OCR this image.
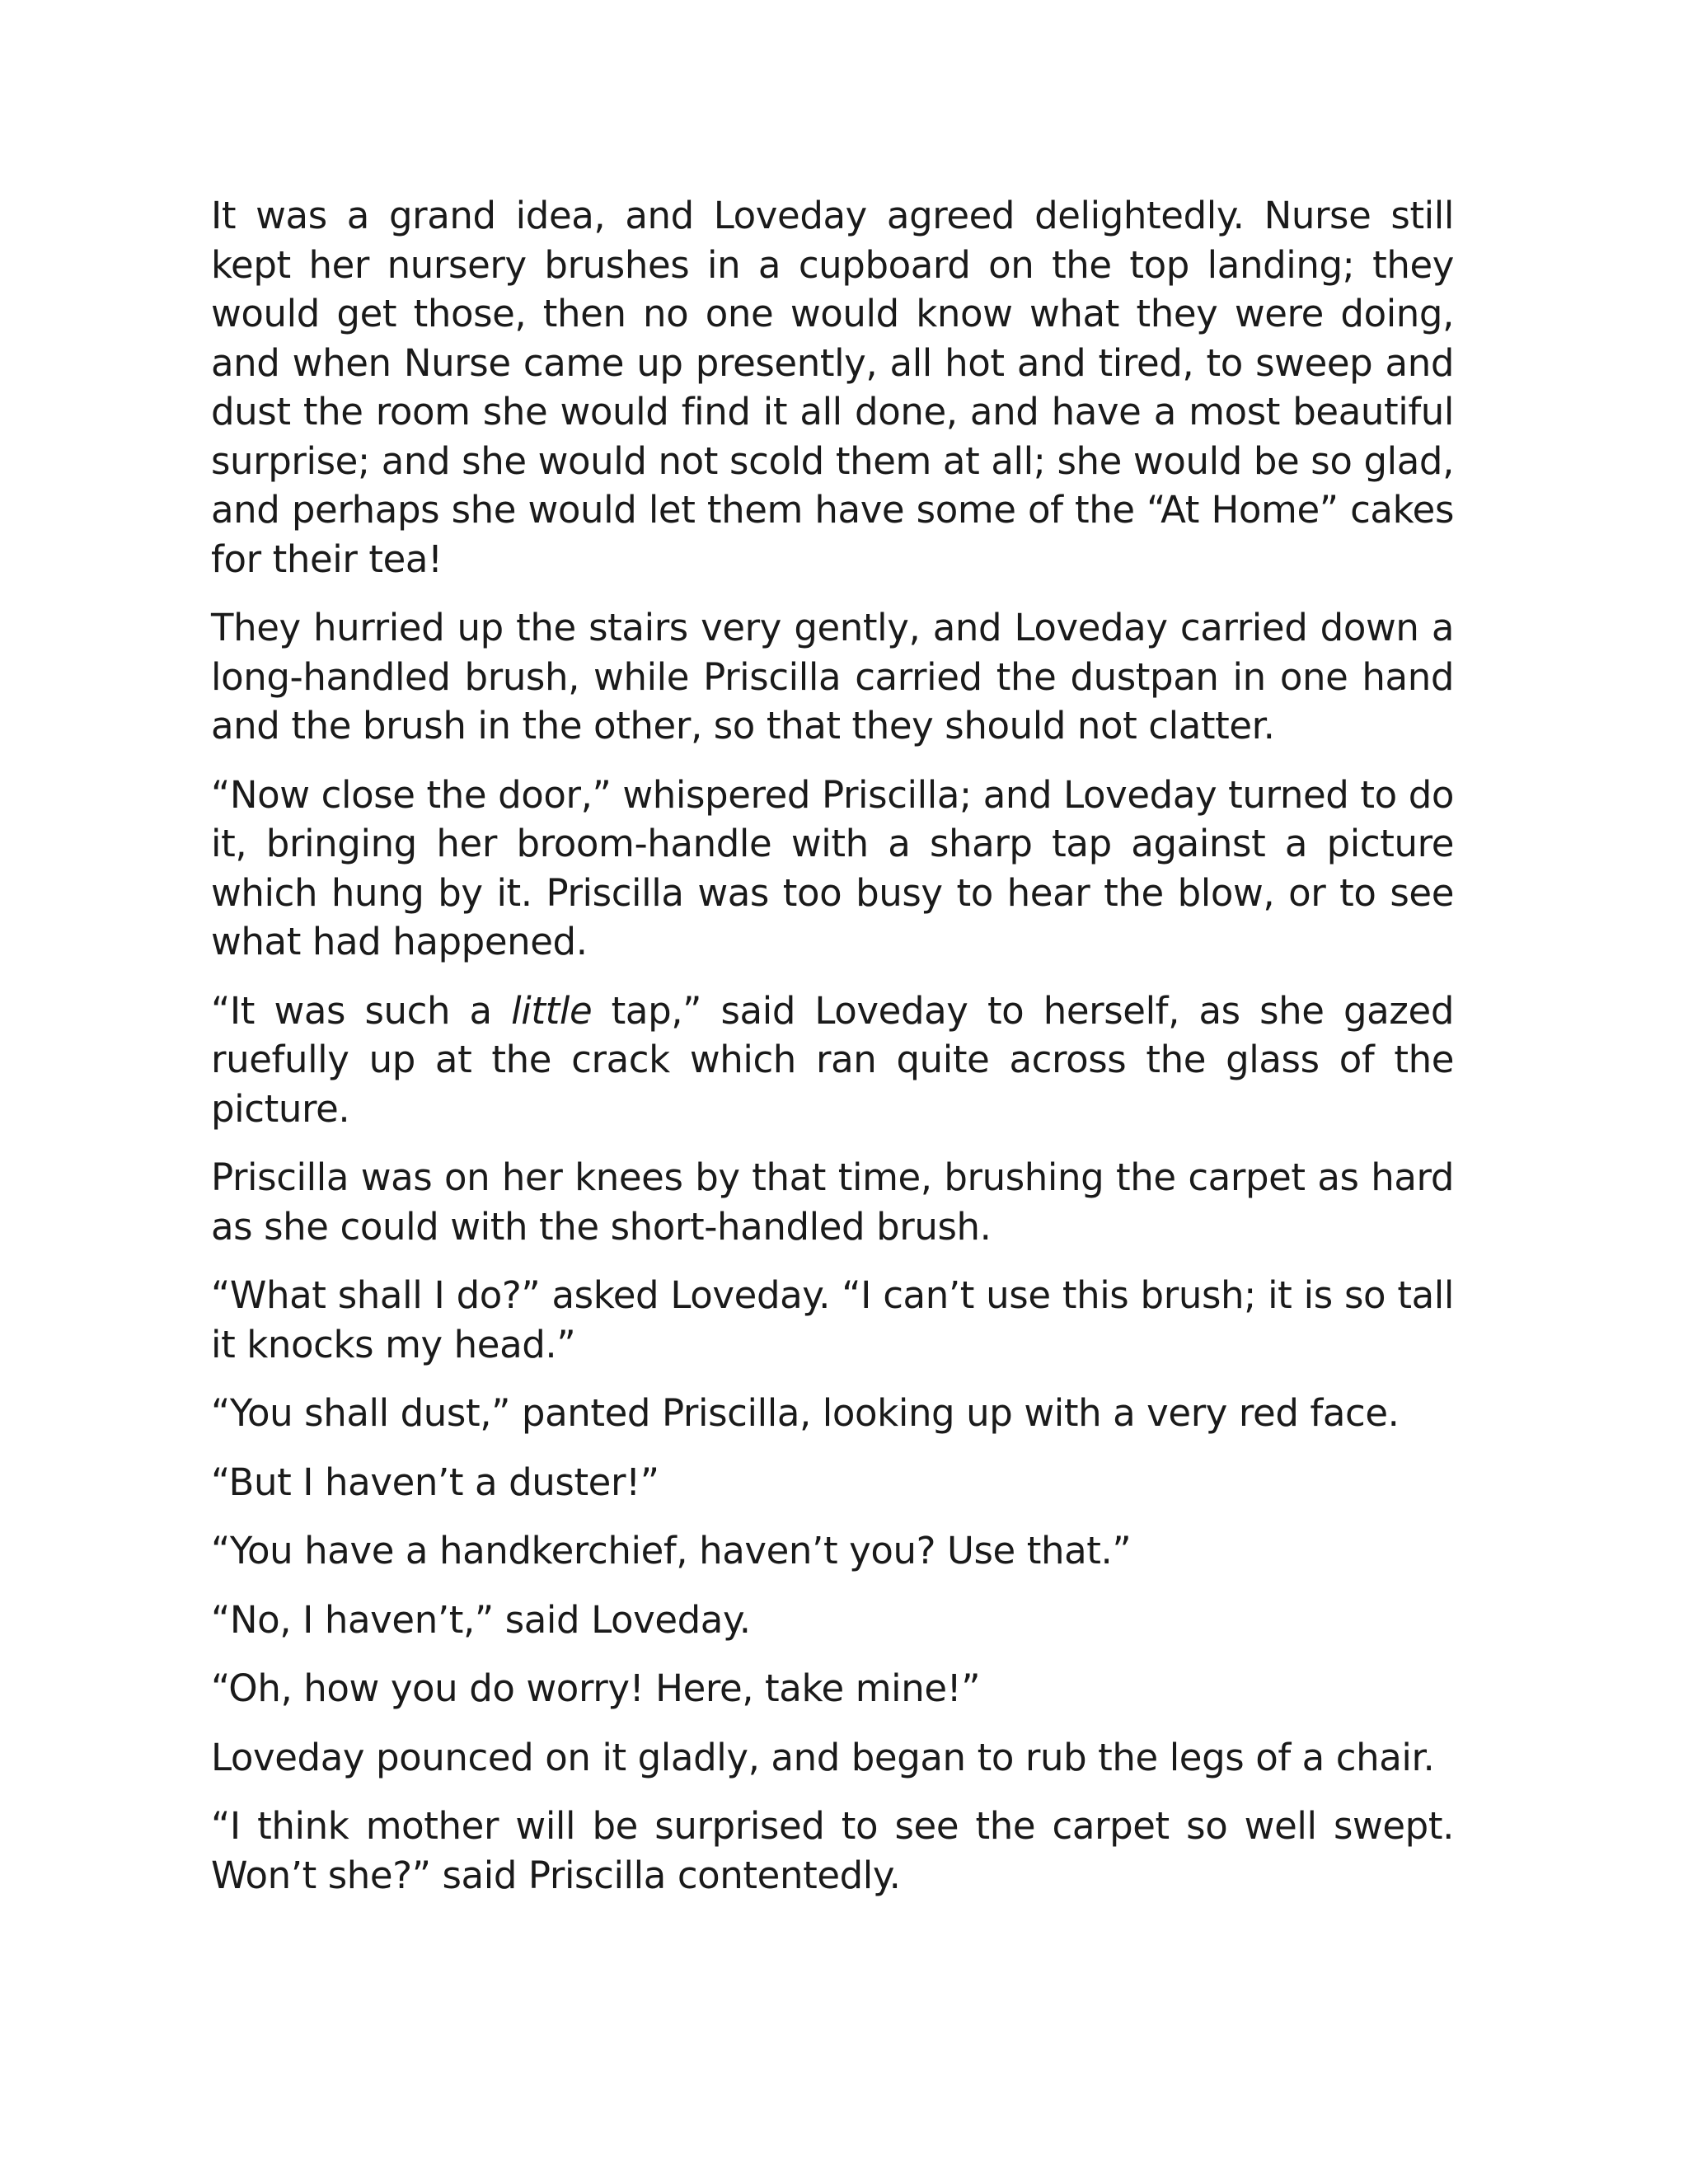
It was a grand idea, and Loveday agreed delightedly. Nurse still kept her nursery brushes in a cupboard on the top landing; they would get those, then no one would know what they were doing, and when Nurse came up presently, all hot and tired, to sweep and dust the room she would find it all done, and have a most beautiful surprise; and she would not scold them at all; she would be so glad, and perhaps she would let them have some of the “At Home” cakes for their tea!

They hurried up the stairs very gently, and Loveday carried down a long-handled brush, while Priscilla carried the dustpan in one hand and the brush in the other, so that they should not clatter.

“Now close the door,” whispered Priscilla; and Loveday turned to do it, bringing her broom-handle with a sharp tap against a picture which hung by it. Priscilla was too busy to hear the blow, or to see what had happened.

“It was such a little tap,” said Loveday to herself, as she gazed ruefully up at the crack which ran quite across the glass of the picture.

Priscilla was on her knees by that time, brushing the carpet as hard as she could with the short-handled brush.

“What shall I do?” asked Loveday. “I can’t use this brush; it is so tall it knocks my head.”

“You shall dust,” panted Priscilla, looking up with a very red face.

“But I haven’t a duster!”

“You have a handkerchief, haven’t you? Use that.”

“No, I haven’t,” said Loveday.

“Oh, how you do worry! Here, take mine!”

Loveday pounced on it gladly, and began to rub the legs of a chair.

“I think mother will be surprised to see the carpet so well swept. Won’t she?” said Priscilla contentedly.
